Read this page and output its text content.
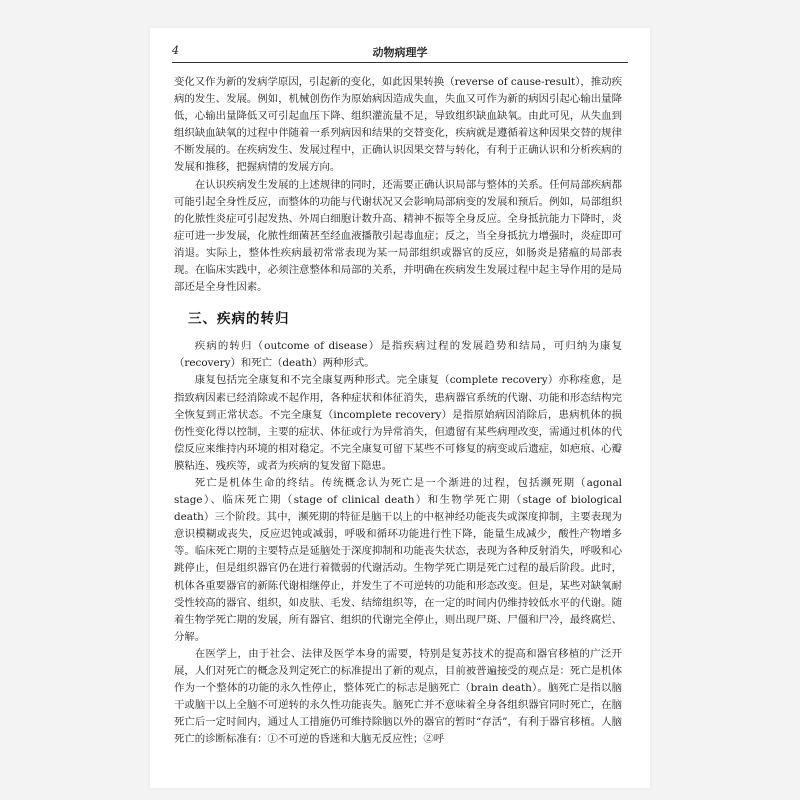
4	动物病理学

变化又作为新的发病学原因，引起新的变化，如此因果转换（reverse of cause-result），推动疾病的发生、发展。例如，机械创伤作为原始病因造成失血，失血又可作为新的病因引起心输出量降低，心输出量降低又可引起血压下降、组织灌流量不足，导致组织缺血缺氧。由此可见，从失血到组织缺血缺氧的过程中伴随着一系列病因和结果的交替变化，疾病就是遵循着这种因果交替的规律不断发展的。在疾病发生、发展过程中，正确认识因果交替与转化，有利于正确认识和分析疾病的发展和推移，把握病情的发展方向。

在认识疾病发生发展的上述规律的同时，还需要正确认识局部与整体的关系。任何局部疾病都可能引起全身性反应，而整体的功能与代谢状况又会影响局部病变的发展和预后。例如，局部组织的化脓性炎症可引起发热、外周白细胞计数升高、精神不振等全身反应。全身抵抗能力下降时，炎症可进一步发展，化脓性细菌甚至经血液播散引起毒血症；反之，当全身抵抗力增强时，炎症即可消退。实际上，整体性疾病最初常常表现为某一局部组织或器官的反应，如肠炎是猪瘟的局部表现。在临床实践中，必须注意整体和局部的关系，并明确在疾病发生发展过程中起主导作用的是局部还是全身性因素。

三、疾病的转归

疾病的转归（outcome of disease）是指疾病过程的发展趋势和结局，可归纳为康复（recovery）和死亡（death）两种形式。

康复包括完全康复和不完全康复两种形式。完全康复（complete recovery）亦称痊愈，是指致病因素已经消除或不起作用，各种症状和体征消失，患病器官系统的代谢、功能和形态结构完全恢复到正常状态。不完全康复（incomplete recovery）是指原始病因消除后，患病机体的损伤性变化得以控制，主要的症状、体征或行为异常消失，但遗留有某些病理改变，需通过机体的代偿反应来维持内环境的相对稳定。不完全康复可留下某些不可修复的病变或后遗症，如疤痕、心瓣膜粘连、残疾等，或者为疾病的复发留下隐患。

死亡是机体生命的终结。传统概念认为死亡是一个渐进的过程，包括濒死期（agonal stage）、临床死亡期（stage of clinical death）和生物学死亡期（stage of biological death）三个阶段。其中，濒死期的特征是脑干以上的中枢神经功能丧失或深度抑制，主要表现为意识模糊或丧失，反应迟钝或减弱，呼吸和循环功能进行性下降，能量生成减少，酸性产物增多等。临床死亡期的主要特点是延脑处于深度抑制和功能丧失状态，表现为各种反射消失，呼吸和心跳停止，但是组织器官仍在进行着微弱的代谢活动。生物学死亡期是死亡过程的最后阶段。此时，机体各重要器官的新陈代谢相继停止，并发生了不可逆转的功能和形态改变。但是，某些对缺氧耐受性较高的器官、组织，如皮肤、毛发、结缔组织等，在一定的时间内仍维持较低水平的代谢。随着生物学死亡期的发展，所有器官、组织的代谢完全停止，则出现尸斑、尸僵和尸冷，最终腐烂、分解。

在医学上，由于社会、法律及医学本身的需要，特别是复苏技术的提高和器官移植的广泛开展，人们对死亡的概念及判定死亡的标准提出了新的观点，目前被普遍接受的观点是：死亡是机体作为一个整体的功能的永久性停止，整体死亡的标志是脑死亡（brain death）。脑死亡是指以脑干或脑干以上全脑不可逆转的永久性功能丧失。脑死亡并不意味着全身各组织器官同时死亡，在脑死亡后一定时间内，通过人工措施仍可维持除脑以外的器官的暂时“存活”，有利于器官移植。人脑死亡的诊断标准有：①不可逆的昏迷和大脑无反应性；②呼
